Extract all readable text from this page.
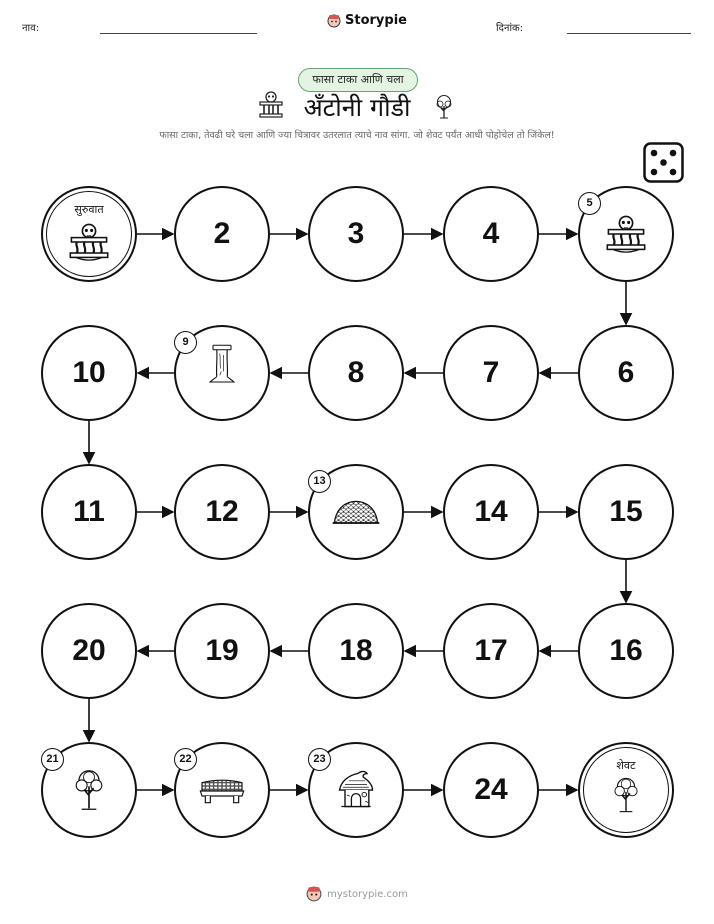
नाव:
Storypie
दिनांक:
फासा टाका आणि चला
अँटोनी गौडी
फासा टाका, तेवढी घरे चला आणि ज्या चित्रावर उतरलात त्याचे नाव सांगा. जो शेवट पर्यंत आधी पोहोचेल तो जिंकेल!
सुरुवात
2	3	4
5
6
7
8
9
10
11	12
13
14	15
16
17
18
19
20
21	22	23
24
शेवट
mystorypie.com
